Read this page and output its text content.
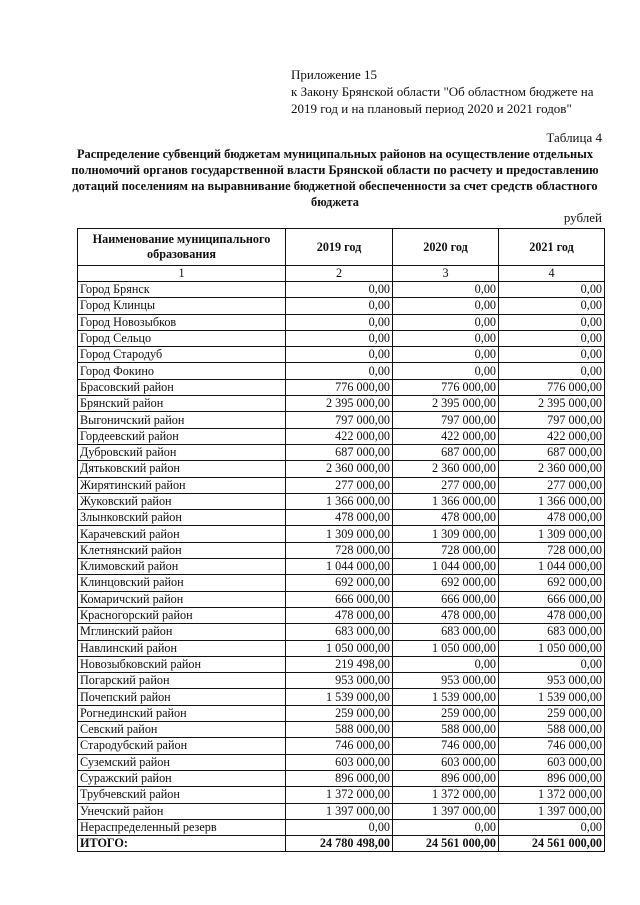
Приложение 15
к Закону Брянской области "Об областном бюджете на
2019 год и на плановый период 2020 и 2021 годов"
Таблица 4
Распределение субвенций бюджетам муниципальных районов на осуществление отдельных полномочий органов государственной власти Брянской области по расчету и предоставлению дотаций поселениям на выравнивание бюджетной обеспеченности за счет средств областного бюджета
рублей
Наименование муниципального образования	2019 год	2020 год	2021 год
1	2	3	4
Город Брянск	0,00	0,00	0,00
Город Клинцы	0,00	0,00	0,00
Город Новозыбков	0,00	0,00	0,00
Город Сельцо	0,00	0,00	0,00
Город Стародуб	0,00	0,00	0,00
Город Фокино	0,00	0,00	0,00
Брасовский район	776 000,00	776 000,00	776 000,00
Брянский район	2 395 000,00	2 395 000,00	2 395 000,00
Выгоничский район	797 000,00	797 000,00	797 000,00
Гордеевский район	422 000,00	422 000,00	422 000,00
Дубровский район	687 000,00	687 000,00	687 000,00
Дятьковский район	2 360 000,00	2 360 000,00	2 360 000,00
Жирятинский район	277 000,00	277 000,00	277 000,00
Жуковский район	1 366 000,00	1 366 000,00	1 366 000,00
Злынковский район	478 000,00	478 000,00	478 000,00
Карачевский район	1 309 000,00	1 309 000,00	1 309 000,00
Клетнянский район	728 000,00	728 000,00	728 000,00
Климовский район	1 044 000,00	1 044 000,00	1 044 000,00
Клинцовский район	692 000,00	692 000,00	692 000,00
Комаричский район	666 000,00	666 000,00	666 000,00
Красногорский район	478 000,00	478 000,00	478 000,00
Мглинский район	683 000,00	683 000,00	683 000,00
Навлинский район	1 050 000,00	1 050 000,00	1 050 000,00
Новозыбковский район	219 498,00	0,00	0,00
Погарский район	953 000,00	953 000,00	953 000,00
Почепский район	1 539 000,00	1 539 000,00	1 539 000,00
Рогнединский район	259 000,00	259 000,00	259 000,00
Севский район	588 000,00	588 000,00	588 000,00
Стародубский район	746 000,00	746 000,00	746 000,00
Суземский район	603 000,00	603 000,00	603 000,00
Суражский район	896 000,00	896 000,00	896 000,00
Трубчевский район	1 372 000,00	1 372 000,00	1 372 000,00
Унечский район	1 397 000,00	1 397 000,00	1 397 000,00
Нераспределенный резерв	0,00	0,00	0,00
ИТОГО:	24 780 498,00	24 561 000,00	24 561 000,00
